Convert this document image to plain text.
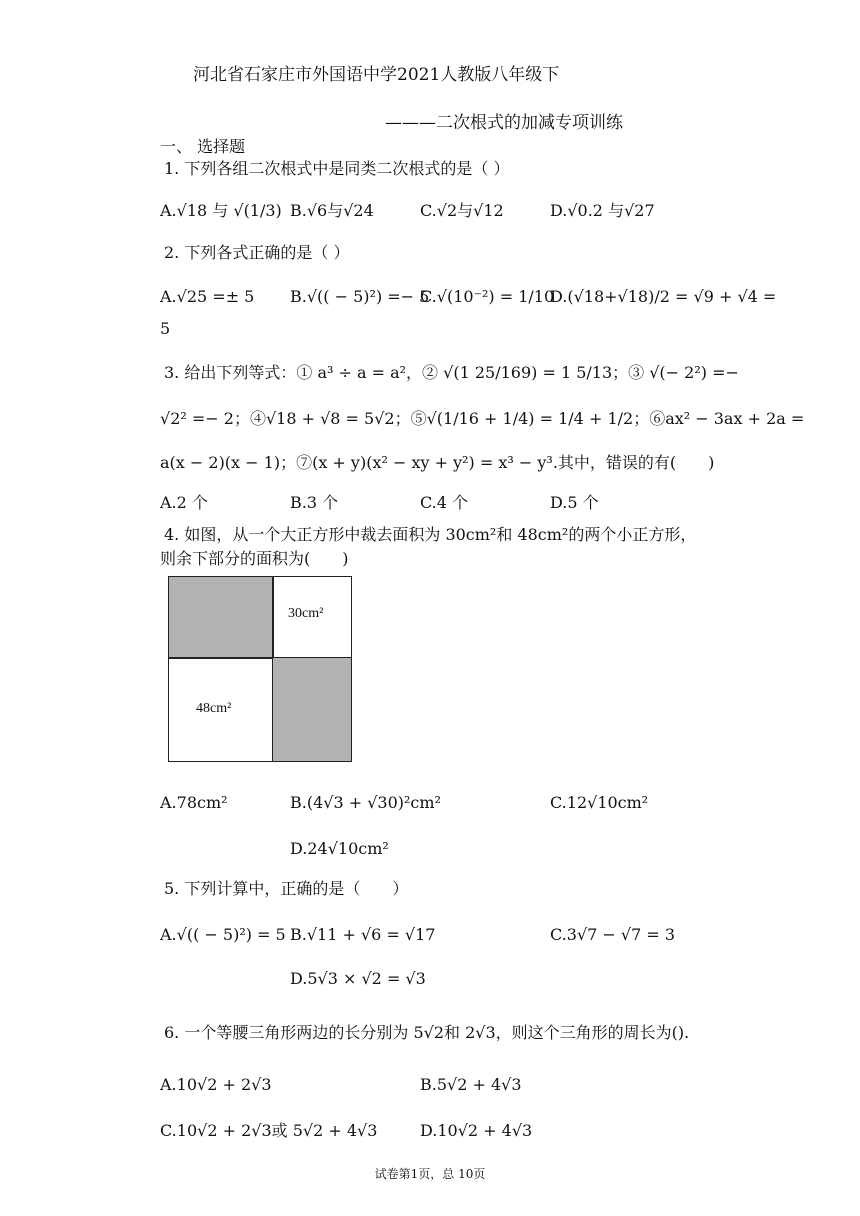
河北省石家庄市外国语中学2021人教版八年级下
———二次根式的加减专项训练
一、 选择题
1. 下列各组二次根式中是同类二次根式的是（ ）
A.√18 与 √(1/3) B.√6与√24	C.√2与√12	D.√0.2 与√27
2. 下列各式正确的是（ ）
A.√25 =± 5 B.√(( − 5)²) =− 5
C.√(10⁻²) = 1/10
D.(√18+√18)/2 = √9 + √4 =
5
3. 给出下列等式：① a³ ÷ a = a²，② √(1 25/169) = 1 5/13；③ √(− 2²) =−
√2² =− 2；④√18 + √8 = 5√2；⑤√(1/16 + 1/4) = 1/4 + 1/2；⑥ax² − 3ax + 2a =
a(x − 2)(x − 1)；⑦(x + y)(x² − xy + y²) = x³ − y³.其中，错误的有(　　)
A.2 个	B.3 个	C.4 个	D.5 个
4. 如图，从一个大正方形中裁去面积为 30cm²和 48cm²的两个小正方形，
则余下部分的面积为(　　)
30cm²
48cm²
A.78cm²	B.(4√3 + √30)²cm²	C.12√10cm²
D.24√10cm²
5. 下列计算中，正确的是（　　）
A.√(( − 5)²) = 5 B.√11 + √6 = √17	C.3√7 − √7 = 3
D.5√3 × √2 = √3
6. 一个等腰三角形两边的长分别为 5√2和 2√3，则这个三角形的周长为().
A.10√2 + 2√3	B.5√2 + 4√3
C.10√2 + 2√3或 5√2 + 4√3	D.10√2 + 4√3
试卷第1页，总 10页
